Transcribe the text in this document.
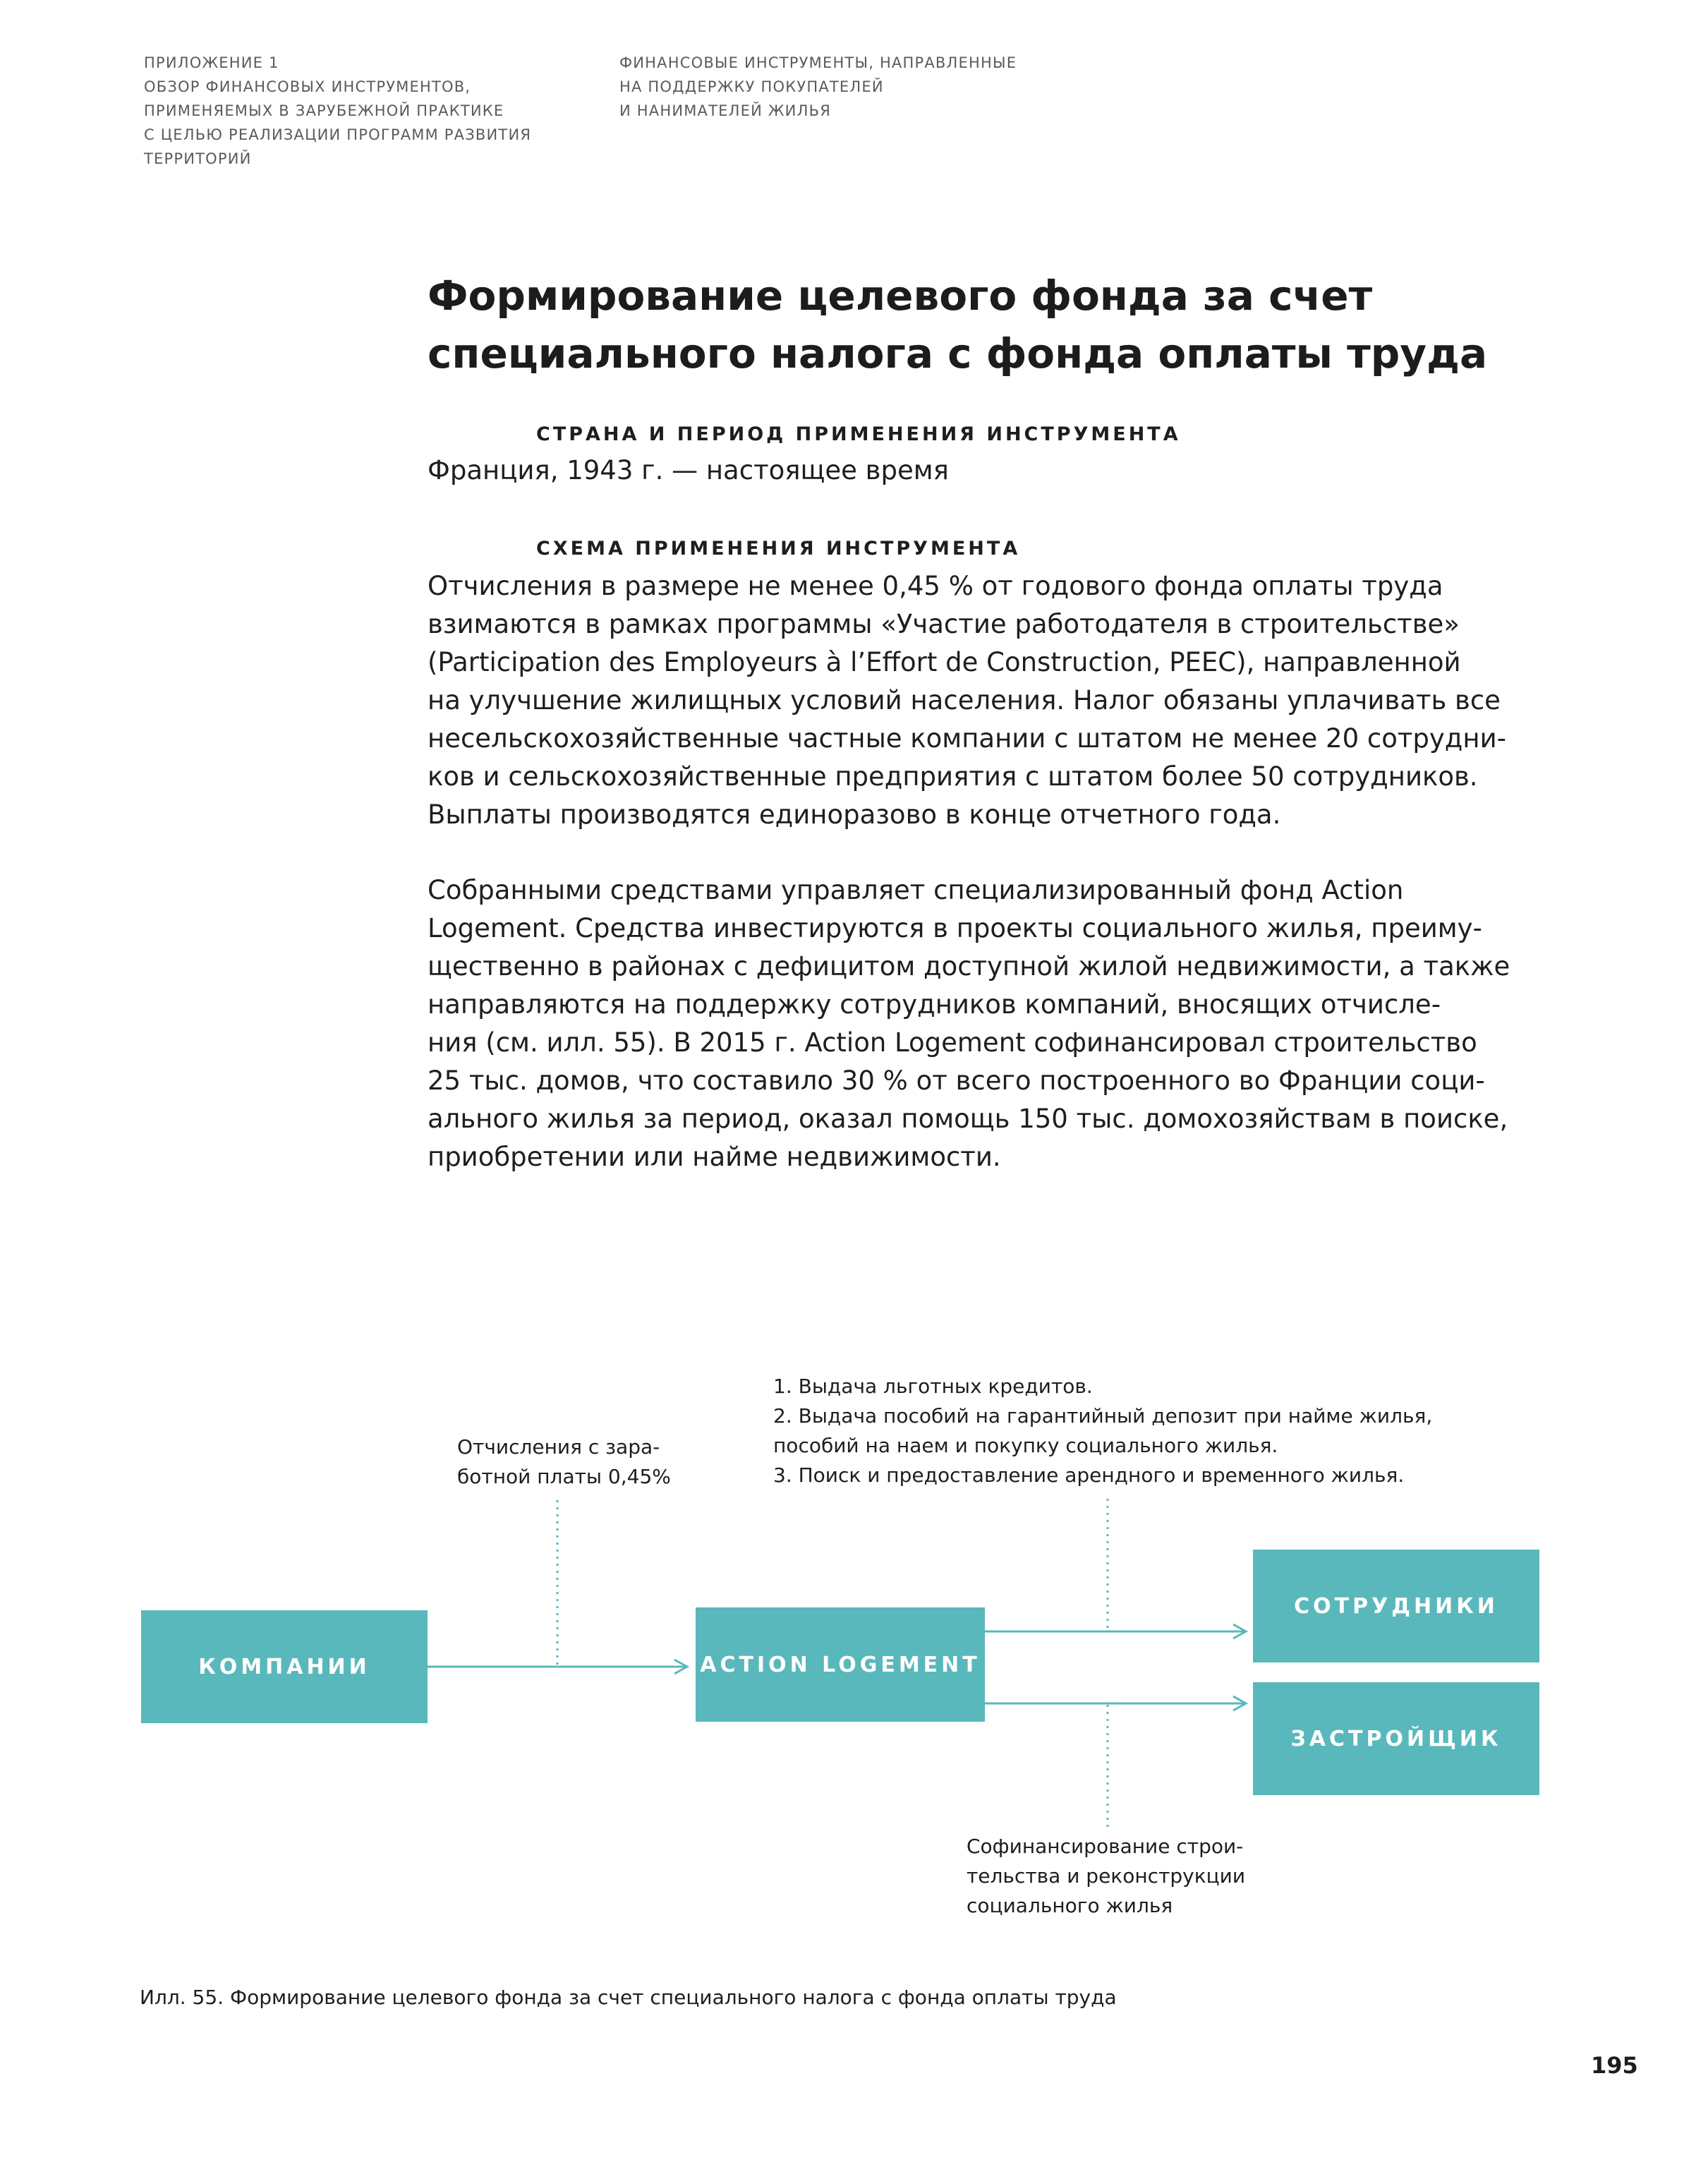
ПРИЛОЖЕНИЕ 1
ОБЗОР ФИНАНСОВЫХ ИНСТРУМЕНТОВ,
ПРИМЕНЯЕМЫХ В ЗАРУБЕЖНОЙ ПРАКТИКЕ
С ЦЕЛЬЮ РЕАЛИЗАЦИИ ПРОГРАММ РАЗВИТИЯ
ТЕРРИТОРИЙ
ФИНАНСОВЫЕ ИНСТРУМЕНТЫ, НАПРАВЛЕННЫЕ
НА ПОДДЕРЖКУ ПОКУПАТЕЛЕЙ
И НАНИМАТЕЛЕЙ ЖИЛЬЯ
Формирование целевого фонда за счет
специального налога с фонда оплаты труда

СТРАНА И ПЕРИОД ПРИМЕНЕНИЯ ИНСТРУМЕНТА

Франция, 1943 г. — настоящее время

СХЕМА ПРИМЕНЕНИЯ ИНСТРУМЕНТА

Отчисления в размере не менее 0,45 % от годового фонда оплаты труда
взимаются в рамках программы «Участие работодателя в строительстве»
(Participation des Employeurs à l’Effort de Construction, PEEC), направленной
на улучшение жилищных условий населения. Налог обязаны уплачивать все
несельскохозяйственные частные компании с штатом не менее 20 сотрудни-
ков и сельскохозяйственные предприятия с штатом более 50 сотрудников.
Выплаты производятся единоразово в конце отчетного года.
Собранными средствами управляет специализированный фонд Action
Logement. Средства инвестируются в проекты социального жилья, преиму-
щественно в районах с дефицитом доступной жилой недвижимости, а также
направляются на поддержку сотрудников компаний, вносящих отчисле-
ния (см. илл. 55). В 2015 г. Action Logement софинансировал строительство
25 тыс. домов, что составило 30 % от всего построенного во Франции соци-
ального жилья за период, оказал помощь 150 тыс. домохозяйствам в поиске,
приобретении или найме недвижимости.
КОМПАНИИ	ACTION LOGEMENT
СОТРУДНИКИ
ЗАСТРОЙЩИК
Отчисления с зара-
ботной платы 0,45%
1. Выдача льготных кредитов.
2. Выдача пособий на гарантийный депозит при найме жилья,
пособий на наем и покупку социального жилья.
3. Поиск и предоставление арендного и временного жилья.
Софинансирование строи-
тельства и реконструкции
социального жилья

Илл. 55. Формирование целевого фонда за счет специального налога с фонда оплаты труда

195
